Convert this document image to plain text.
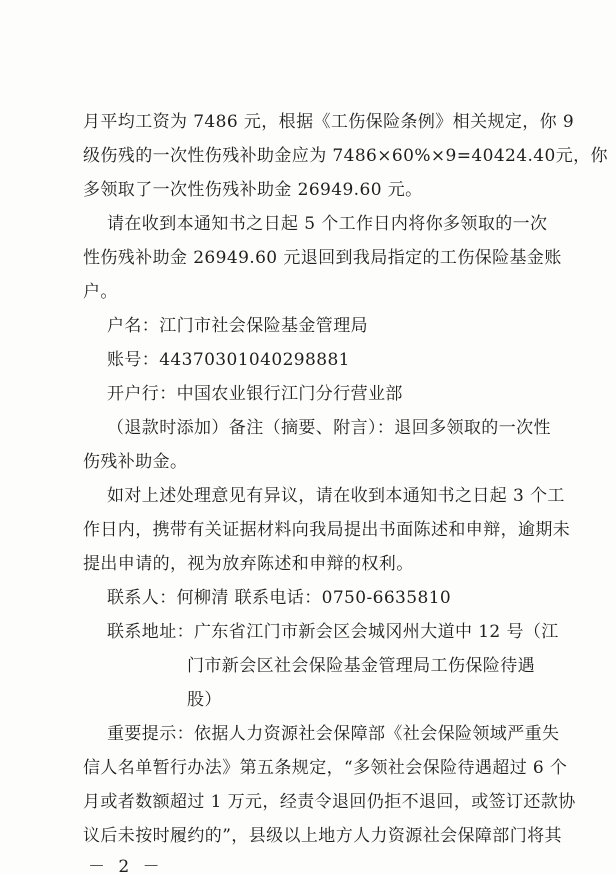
月平均工资为 7486 元，根据《工伤保险条例》相关规定，你 9
级伤残的一次性伤残补助金应为 7486×60%×9=40424.40元，你
多领取了一次性伤残补助金 26949.60 元。
请在收到本通知书之日起 5 个工作日内将你多领取的一次
性伤残补助金 26949.60 元退回到我局指定的工伤保险基金账
户。
户名：江门市社会保险基金管理局
账号：44370301040298881
开户行：中国农业银行江门分行营业部
（退款时添加）备注（摘要、附言）：退回多领取的一次性
伤残补助金。
如对上述处理意见有异议，请在收到本通知书之日起 3 个工
作日内，携带有关证据材料向我局提出书面陈述和申辩，逾期未
提出申请的，视为放弃陈述和申辩的权利。
联系人：何柳清 联系电话：0750-6635810
联系地址：广东省江门市新会区会城冈州大道中 12 号（江
门市新会区社会保险基金管理局工伤保险待遇
股）
重要提示：依据人力资源社会保障部《社会保险领域严重失
信人名单暂行办法》第五条规定，“多领社会保险待遇超过 6 个
月或者数额超过 1 万元，经责令退回仍拒不退回，或签订还款协
议后未按时履约的”，县级以上地方人力资源社会保障部门将其
－ 2 －
